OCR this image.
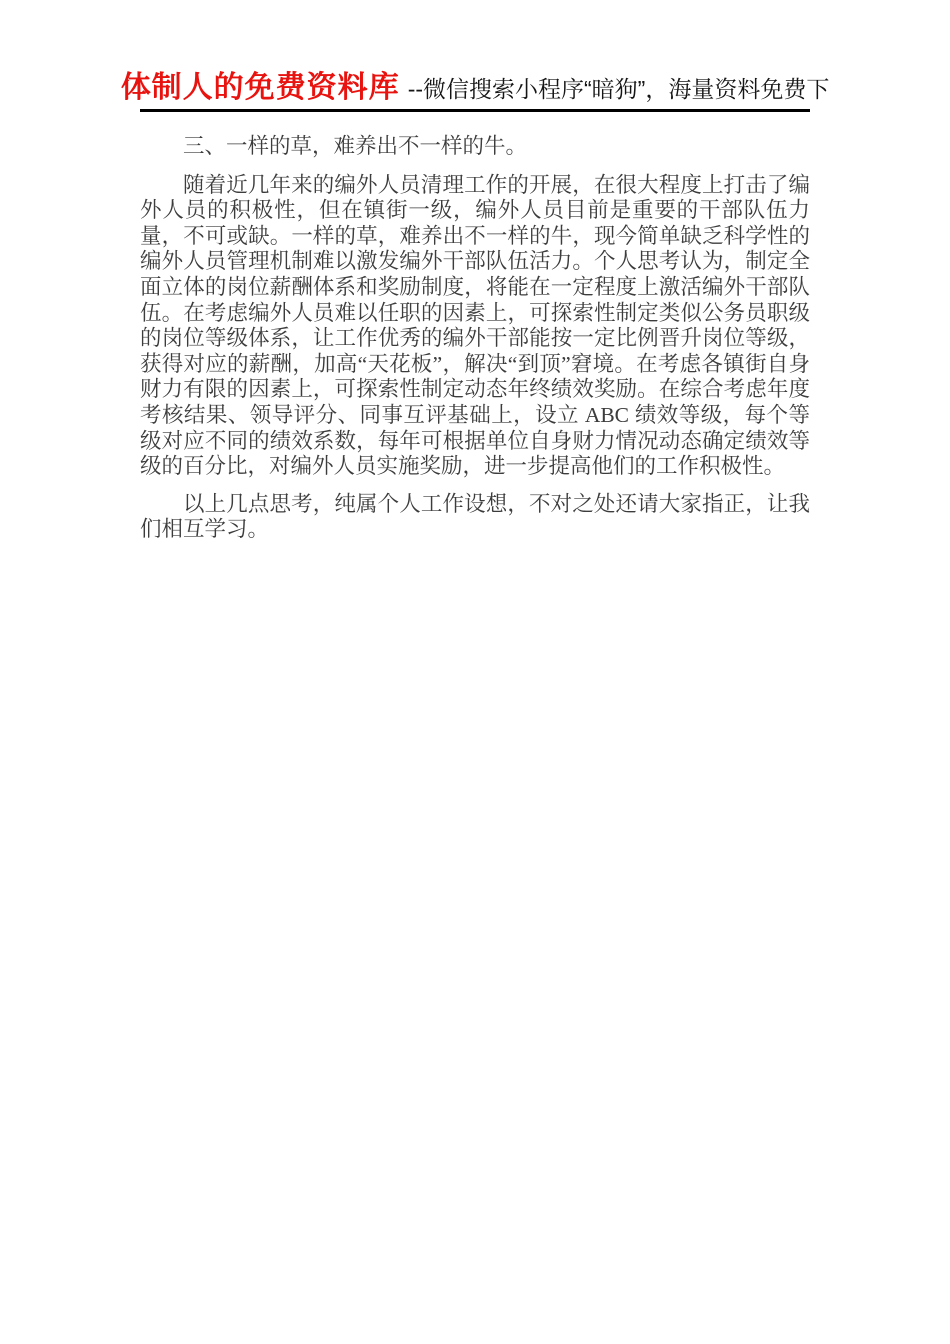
体制人的免费资料库 --微信搜索小程序“暗狗”，海量资料免费下

三、一样的草，难养出不一样的牛。

随着近几年来的编外人员清理工作的开展，在很大程度上打击了编外人员的积极性，但在镇街一级，编外人员目前是重要的干部队伍力量，不可或缺。一样的草，难养出不一样的牛，现今简单缺乏科学性的编外人员管理机制难以激发编外干部队伍活力。个人思考认为，制定全面立体的岗位薪酬体系和奖励制度，将能在一定程度上激活编外干部队伍。在考虑编外人员难以任职的因素上，可探索性制定类似公务员职级的岗位等级体系，让工作优秀的编外干部能按一定比例晋升岗位等级，获得对应的薪酬，加高“天花板”，解决“到顶”窘境。在考虑各镇街自身财力有限的因素上，可探索性制定动态年终绩效奖励。在综合考虑年度考核结果、领导评分、同事互评基础上，设立 ABC 绩效等级，每个等级对应不同的绩效系数，每年可根据单位自身财力情况动态确定绩效等级的百分比，对编外人员实施奖励，进一步提高他们的工作积极性。

以上几点思考，纯属个人工作设想，不对之处还请大家指正，让我们相互学习。
